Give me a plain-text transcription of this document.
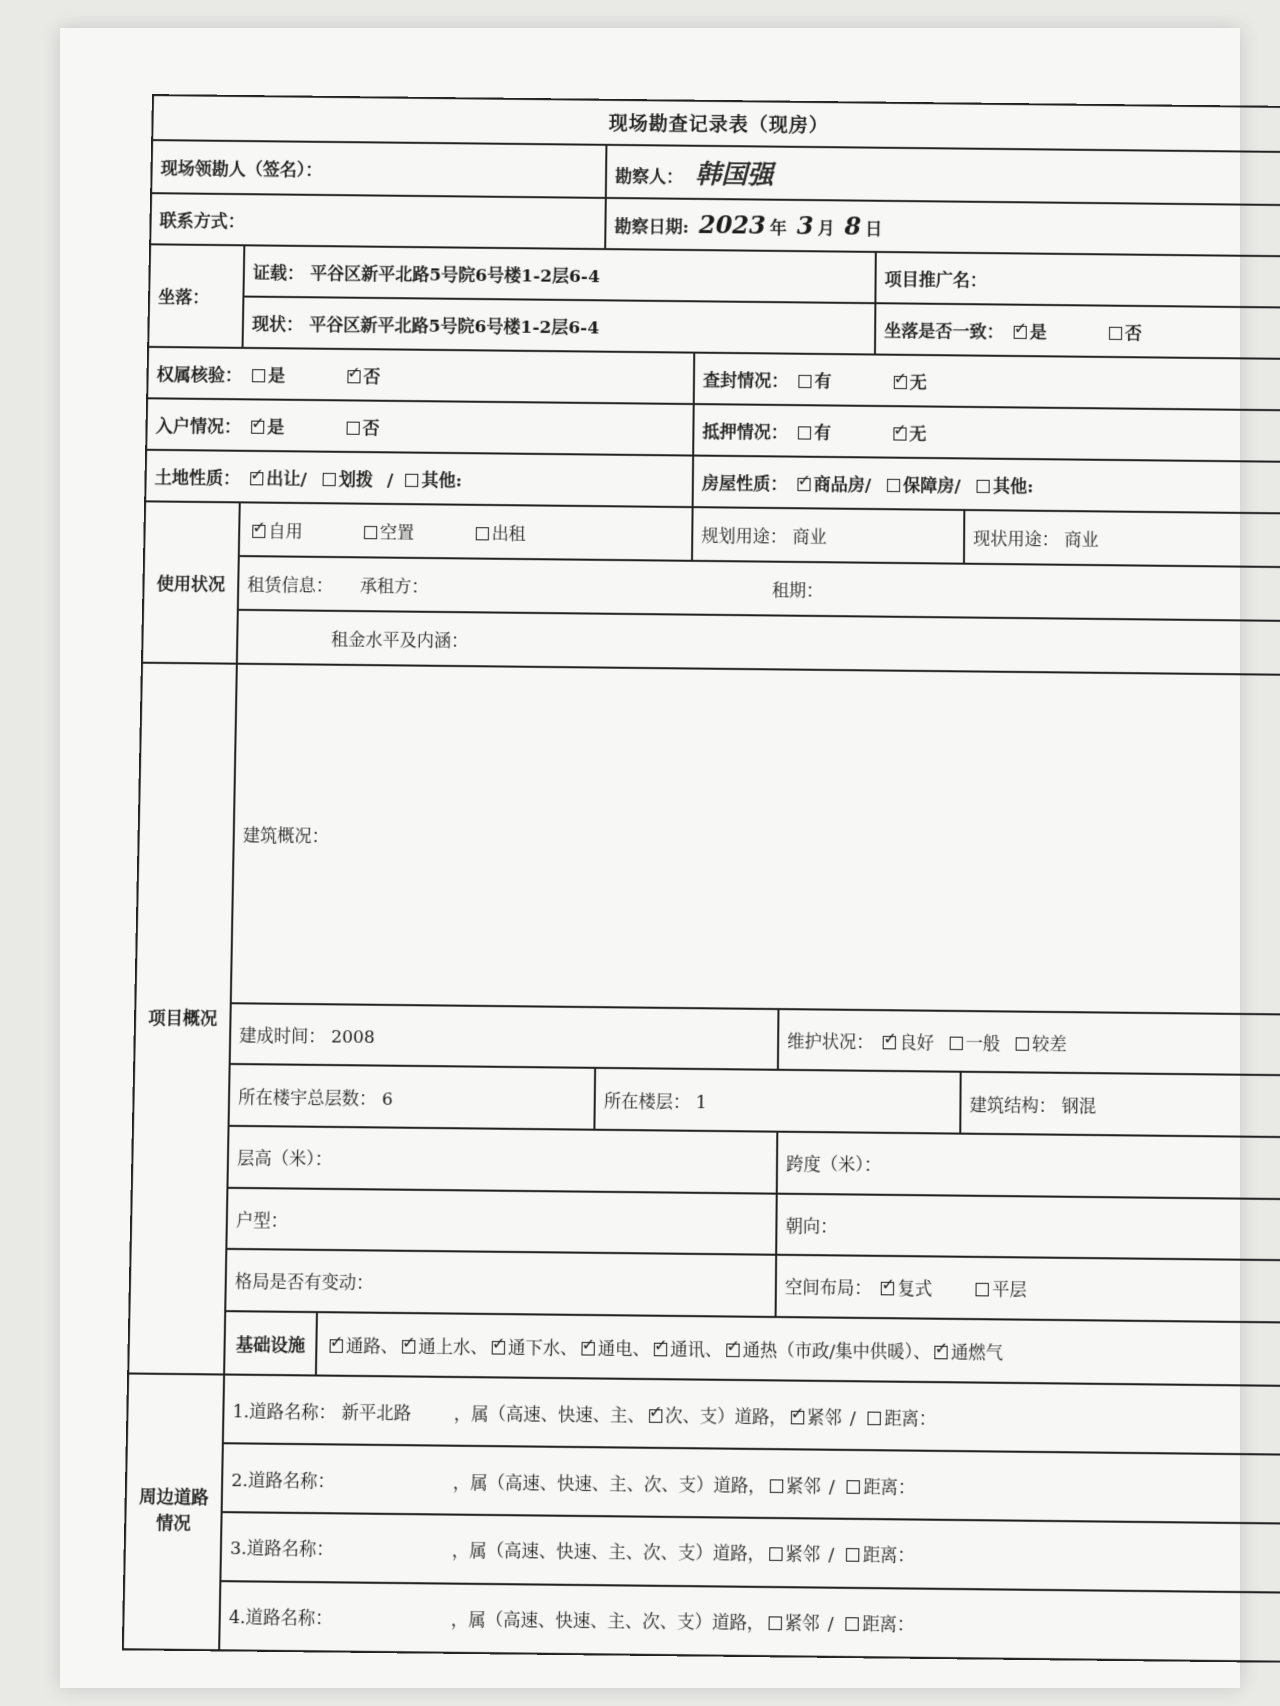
现场勘查记录表（现房）							
现场领勘人（签名）：			勘察人： 韩国强				
联系方式：			勘察日期: 2023 年 3 月 8 日				
坐落：	证载： 平谷区新平北路5号院6号楼1-2层6-4					项目推广名：	
	现状： 平谷区新平北路5号院6号楼1-2层6-4					坐落是否一致： ✓ 是 否
权属核验： 是 ✓ 否				查封情况： 有 ✓ 无
入户情况： ✓ 是 否				抵押情况： 有 ✓ 无
土地性质： ✓ 出让/ 划拨 / 其他:				房屋性质： ✓ 商品房/ 保障房/ 其他:
使用状况	✓自用 空置 出租			规划用途： 商业			现状用途： 商业
	租赁信息： 承租方： 租期：						
	租金水平及内涵：						
项目概况	建筑概况：						
	建成时间： 2008				维护状况： ✓ 良好 一般 较差
	所在楼宇总层数： 6		所在楼层： 1				建筑结构： 钢混
	层高（米）：				跨度（米）：		
	户型：				朝向：		
	格局是否有变动：				空间布局： ✓ 复式 平层
	基础设施	✓通路、 ✓ 通上水、 ✓ 通下水、 ✓ 通电、 ✓ 通讯、 ✓ 通热（市政/集中供暖）、 ✓ 通燃气
周边道路情况	1.道路名称： 新平北路 ，属（高速、快速、主、 ✓ 次、支）道路， ✓ 紧邻 / 距离：
	2.道路名称： ，属（高速、快速、主、次、支）道路， 紧邻 / 距离：						
	3.道路名称： ，属（高速、快速、主、次、支）道路， 紧邻 / 距离：						
	4.道路名称： ，属（高速、快速、主、次、支）道路， 紧邻 / 距离：						
